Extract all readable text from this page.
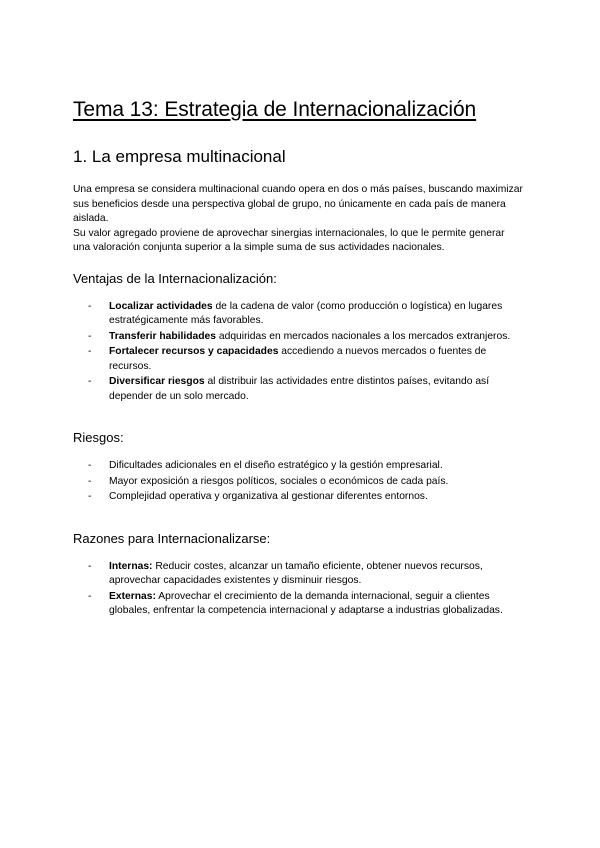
Tema 13: Estrategia de Internacionalización
1. La empresa multinacional

Una empresa se considera multinacional cuando opera en dos o más países, buscando maximizar sus beneficios desde una perspectiva global de grupo, no únicamente en cada país de manera aislada.

Su valor agregado proviene de aprovechar sinergias internacionales, lo que le permite generar una valoración conjunta superior a la simple suma de sus actividades nacionales.

Ventajas de la Internacionalización:
- Localizar actividades de la cadena de valor (como producción o logística) en lugares estratégicamente más favorables.
- Transferir habilidades adquiridas en mercados nacionales a los mercados extranjeros.
- Fortalecer recursos y capacidades accediendo a nuevos mercados o fuentes de recursos.
- Diversificar riesgos al distribuir las actividades entre distintos países, evitando así depender de un solo mercado.
Riesgos:
- Dificultades adicionales en el diseño estratégico y la gestión empresarial.
- Mayor exposición a riesgos políticos, sociales o económicos de cada país.
- Complejidad operativa y organizativa al gestionar diferentes entornos.
Razones para Internacionalizarse:
- Internas: Reducir costes, alcanzar un tamaño eficiente, obtener nuevos recursos, aprovechar capacidades existentes y disminuir riesgos.
- Externas: Aprovechar el crecimiento de la demanda internacional, seguir a clientes globales, enfrentar la competencia internacional y adaptarse a industrias globalizadas.
